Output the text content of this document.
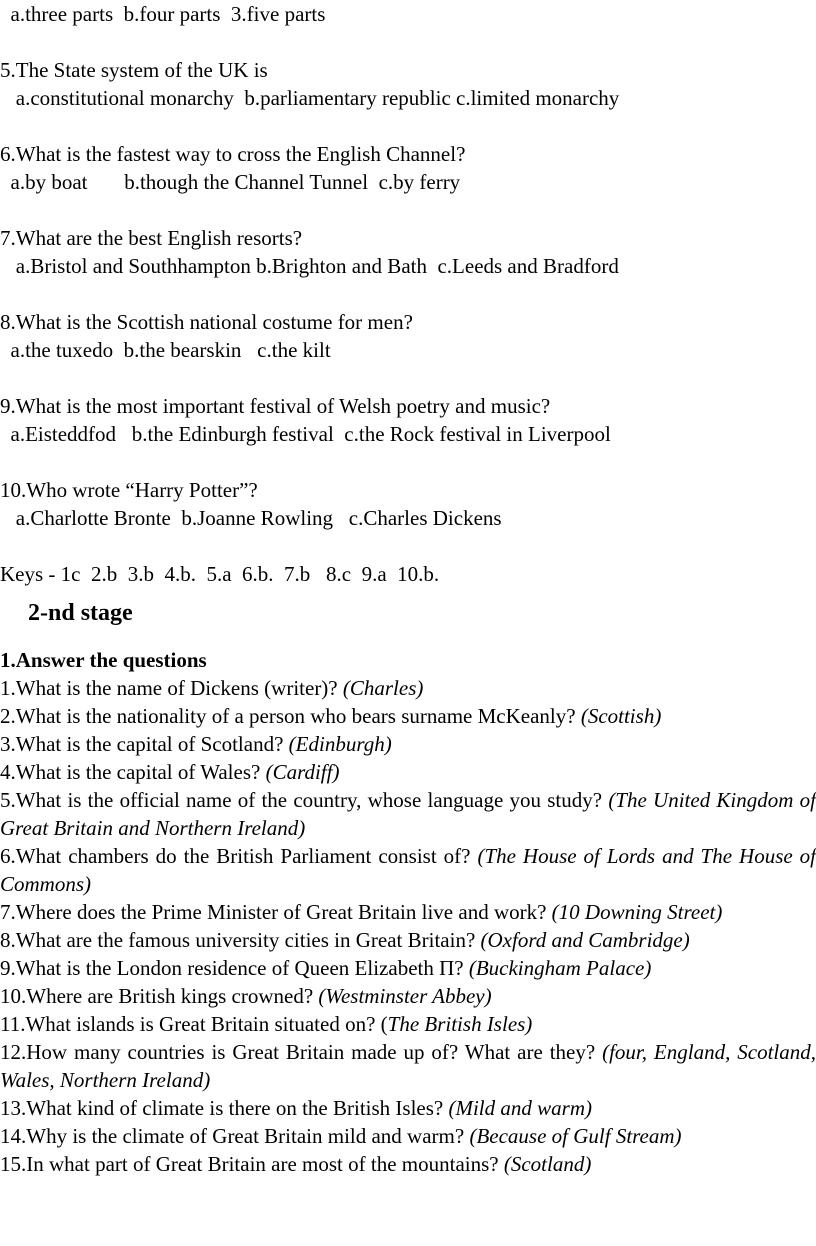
a.three parts  b.four parts  3.five parts
5.The State system of the UK is
a.constitutional monarchy  b.parliamentary republic c.limited monarchy
6.What is the fastest way to cross the English Channel?
a.by boat       b.though the Channel Tunnel  c.by ferry
7.What are the best English resorts?
a.Bristol and Southhampton b.Brighton and Bath  c.Leeds and Bradford
8.What is the Scottish national costume for men?
a.the tuxedo  b.the bearskin   c.the kilt
9.What is the most important festival of Welsh poetry and music?
a.Eisteddfod   b.the Edinburgh festival  c.the Rock festival in Liverpool
10.Who wrote “Harry Potter”?
a.Charlotte Bronte  b.Joanne Rowling   c.Charles Dickens
Keys - 1c  2.b  3.b  4.b.  5.a  6.b.  7.b   8.c  9.a  10.b.
2-nd stage
1.Answer the questions
1.What is the name of Dickens (writer)? (Charles)
2.What is the nationality of a person who bears surname McKeanly? (Scottish)
3.What is the capital of Scotland? (Edinburgh)
4.What is the capital of Wales? (Cardiff)
5.What is the official name of the country, whose language you study? (The United Kingdom of Great Britain and Northern Ireland)
6.What chambers do the British Parliament consist of? (The House of Lords and The House of Commons)
7.Where does the Prime Minister of Great Britain live and work? (10 Downing Street)
8.What are the famous university cities in Great Britain? (Oxford and Cambridge)
9.What is the London residence of Queen Elizabeth Π? (Buckingham Palace)
10.Where are British kings crowned? (Westminster Abbey)
11.What islands is Great Britain situated on? (The British Isles)
12.How many countries is Great Britain made up of? What are they? (four, England, Scotland, Wales, Northern Ireland)
13.What kind of climate is there on the British Isles? (Mild and warm)
14.Why is the climate of Great Britain mild and warm? (Because of Gulf Stream)
15.In what part of Great Britain are most of the mountains? (Scotland)
